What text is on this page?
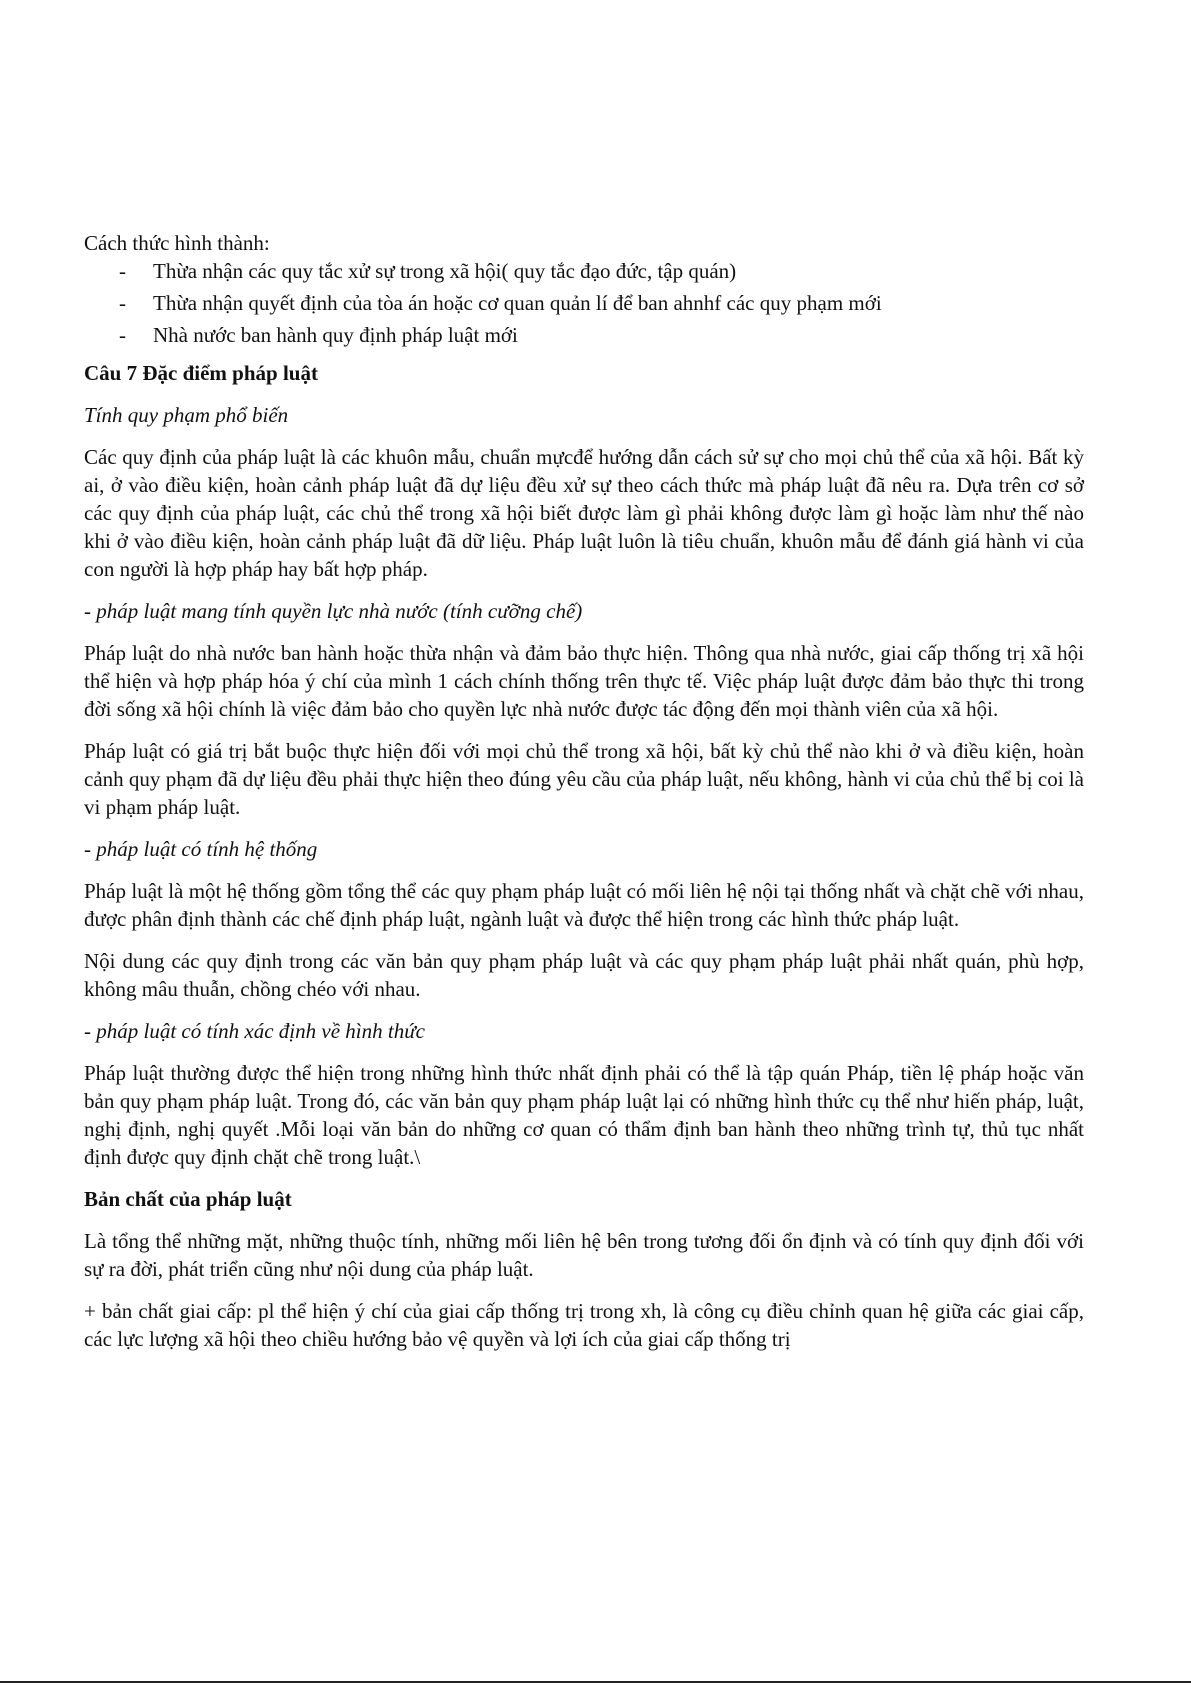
Cách thức hình thành:

- Thừa nhận các quy tắc xử sự trong xã hội( quy tắc đạo đức, tập quán)
- Thừa nhận quyết định của tòa án hoặc cơ quan quản lí để ban ahnhf các quy phạm mới
- Nhà nước ban hành quy định pháp luật mới

Câu 7 Đặc điểm pháp luật

Tính quy phạm phổ biến

Các quy định của pháp luật là các khuôn mẫu, chuẩn mựcđể hướng dẫn cách sử sự cho mọi chủ thể của xã hội. Bất kỳ ai, ở vào điều kiện, hoàn cảnh pháp luật đã dự liệu đều xử sự theo cách thức mà pháp luật đã nêu ra. Dựa trên cơ sở các quy định của pháp luật, các chủ thể trong xã hội biết được làm gì phải không được làm gì hoặc làm như thế nào khi ở vào điều kiện, hoàn cảnh pháp luật đã dữ liệu. Pháp luật luôn là tiêu chuẩn, khuôn mẫu để đánh giá hành vi của con người là hợp pháp hay bất hợp pháp.

- pháp luật mang tính quyền lực nhà nước (tính cưỡng chế)

Pháp luật do nhà nước ban hành hoặc thừa nhận và đảm bảo thực hiện. Thông qua nhà nước, giai cấp thống trị xã hội thể hiện và hợp pháp hóa ý chí của mình 1 cách chính thống trên thực tế. Việc pháp luật được đảm bảo thực thi trong đời sống xã hội chính là việc đảm bảo cho quyền lực nhà nước được tác động đến mọi thành viên của xã hội.

Pháp luật có giá trị bắt buộc thực hiện đối với mọi chủ thể trong xã hội, bất kỳ chủ thể nào khi ở và điều kiện, hoàn cảnh quy phạm đã dự liệu đều phải thực hiện theo đúng yêu cầu của pháp luật, nếu không, hành vi của chủ thể bị coi là vi phạm pháp luật.

- pháp luật có tính hệ thống

Pháp luật là một hệ thống gồm tổng thể các quy phạm pháp luật có mối liên hệ nội tại thống nhất và chặt chẽ với nhau, được phân định thành các chế định pháp luật, ngành luật và được thể hiện trong các hình thức pháp luật.

Nội dung các quy định trong các văn bản quy phạm pháp luật và các quy phạm pháp luật phải nhất quán, phù hợp, không mâu thuẫn, chồng chéo với nhau.

- pháp luật có tính xác định về hình thức

Pháp luật thường được thể hiện trong những hình thức nhất định phải có thể là tập quán Pháp, tiền lệ pháp hoặc văn bản quy phạm pháp luật. Trong đó, các văn bản quy phạm pháp luật lại có những hình thức cụ thể như hiến pháp, luật, nghị định, nghị quyết .Mỗi loại văn bản do những cơ quan có thẩm định ban hành theo những trình tự, thủ tục nhất định được quy định chặt chẽ trong luật.\

Bản chất của pháp luật

Là tổng thể những mặt, những thuộc tính, những mối liên hệ bên trong tương đối ổn định và có tính quy định đối với sự ra đời, phát triển cũng như nội dung của pháp luật.

+ bản chất giai cấp: pl thể hiện ý chí của giai cấp thống trị trong xh, là công cụ điều chỉnh quan hệ giữa các giai cấp, các lực lượng xã hội theo chiều hướng bảo vệ quyền và lợi ích của giai cấp thống trị
